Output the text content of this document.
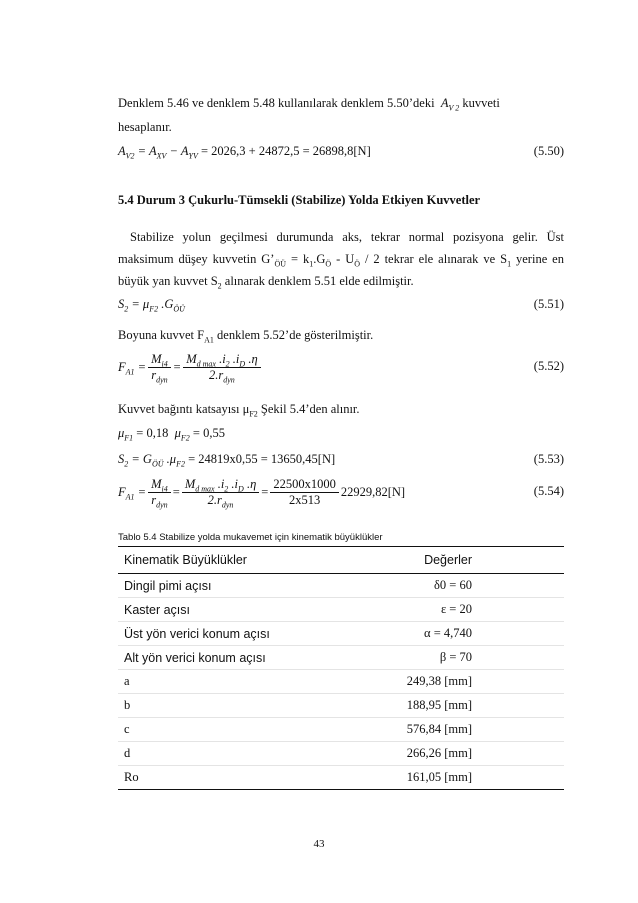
Denklem 5.46 ve denklem 5.48 kullanılarak denklem 5.50’deki  $A_{V 2}$ kuvveti
hesaplanır.
$A_{V2} = A_{XV} - A_{YV} = 2026,3 + 24872,5 = 26898,8[N]$	(5.50)
5.4 Durum 3 Çukurlu-Tümsekli (Stabilize) Yolda Etkiyen Kuvvetler
Stabilize yolun geçilmesi durumunda aks, tekrar normal pozisyona gelir. Üst
maksimum düşey kuvvetin $G’_{ÖÜ} = k_1.G_Ö - U_Ö / 2$ tekrar ele alınarak ve $S_1$ yerine en
büyük yan kuvvet $S_2$ alınarak denklem 5.51 elde edilmiştir.
$S_2 = \mu_{F2}$ $.G_{ÖÜ}$	(5.51)
Boyuna kuvvet $F_{A1}$ denklem 5.52’de gösterilmiştir.
$F_{A1} = \frac{M_{i4}}{r_{dyn}} = \frac{M_{d max} .i_2 .i_D .\eta}{2.r_{dyn}}$	(5.52)
Kuvvet bağıntı katsayısı $\mu_{F2}$ Şekil 5.4’den alınır.
$\mu_{F1} = 0,18$ $\mu_{F2} = 0,55$
$S_2 = G_{ÖÜ}$ $.\mu_{F2} = 24819x0,55 = 13650,45[N]$	(5.53)
$F_{A1} = \frac{M_{i4}}{r_{dyn}} = \frac{M_{d max} .i_2 .i_D .\eta}{2.r_{dyn}} = \frac{22500x1000}{2x513} 22929,82[N]$	(5.54)
Tablo 5.4 Stabilize yolda mukavemet için kinematik büyüklükler
Kinematik Büyüklükler	Değerler
Dingil pimi açısı	δ0 = 60
Kaster açısı	ε = 20
Üst yön verici konum açısı	α = 4,740
Alt yön verici konum açısı	β = 70
a	249,38 [mm]
b	188,95 [mm]
c	576,84 [mm]
d	266,26 [mm]
Ro	161,05 [mm]
43
